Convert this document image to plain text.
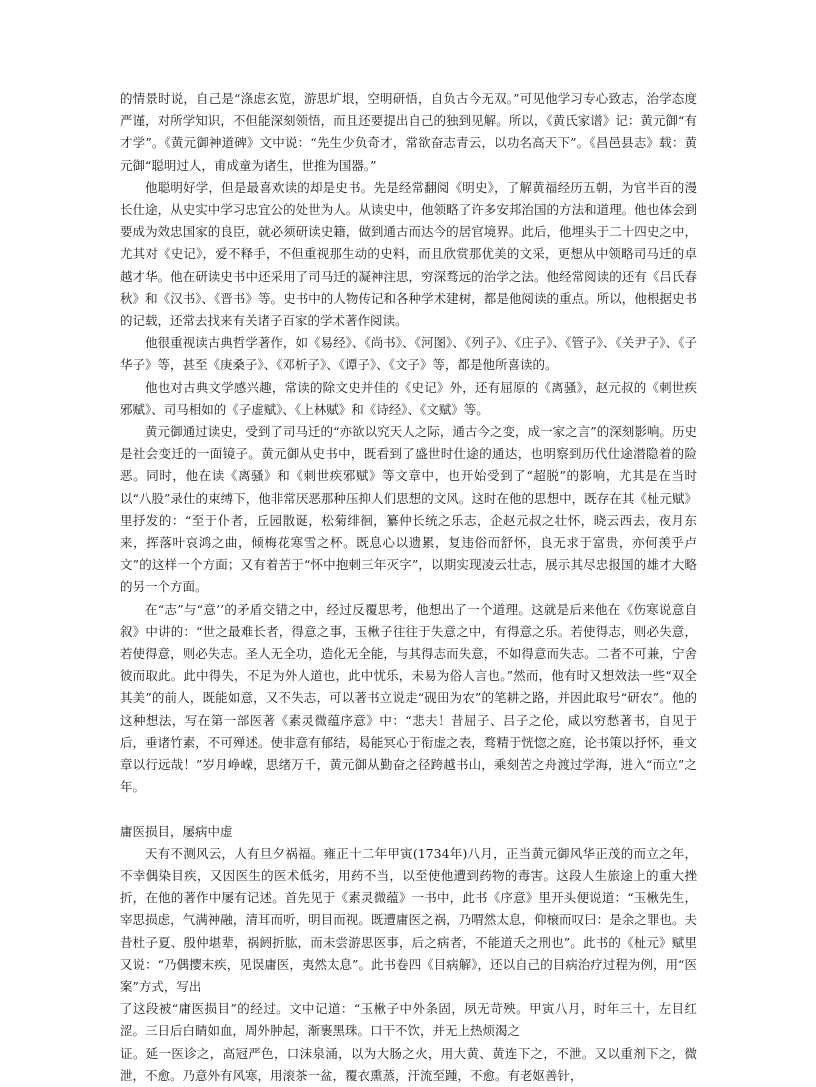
的情景时说，自己是“涤虑玄览，游思圹垠，空明研悟，自负古今无双。”可见他学习专心致志，治学态度严谨，对所学知识，不但能深刻领悟，而且还要提出自己的独到见解。所以，《黄氏家谱》记：黄元御“有才学”。《黄元御神道碑》文中说：“先生少负奇才，常欲奋志青云，以功名高天下”。《昌邑县志》载：黄元御“聪明过人，甫成童为诸生，世推为国器。”

他聪明好学，但是最喜欢读的却是史书。先是经常翻阅《明史》，了解黄福经历五朝，为官半百的漫长仕途，从史实中学习忠宜公的处世为人。从读史中，他领略了许多安邦治国的方法和道理。他也体会到要成为效忠国家的良臣，就必须研读史籍，做到通古而达今的居官境界。此后，他埋头于二十四史之中，尤其对《史记》，爱不释手，不但重视那生动的史料，而且欣赏那优美的文采，更想从中领略司马迁的卓越才华。他在研读史书中还采用了司马迁的凝神注思，穷深骛远的治学之法。他经常阅读的还有《吕氏春秋》和《汉书》、《晋书》等。史书中的人物传记和各种学术建树，都是他阅读的重点。所以，他根据史书的记载，还常去找来有关诸子百家的学术著作阅读。

他很重视读古典哲学著作，如《易经》、《尚书》、《河图》、《列子》、《庄子》、《管子》、《关尹子》、《子华子》等，甚至《庚桑子》、《邓析子》、《谭子》、《文子》等，都是他所喜读的。

他也对古典文学感兴趣，常读的除文史并佳的《史记》外，还有屈原的《离骚》，赵元叔的《刺世疾邪赋》、司马相如的《子虚赋》、《上林赋》和《诗经》、《文赋》等。

黄元御通过读史，受到了司马迁的“亦欲以究天人之际，通古今之变，成一家之言”的深刻影响。历史是社会变迁的一面镜子。黄元御从史书中，既看到了盛世时仕途的通达，也明察到历代仕途潜隐着的险恶。同时，他在读《离骚》和《刺世疾邪赋》等文章中，也开始受到了“超脱”的影响，尤其是在当时以“八股”录仕的束缚下，他非常厌恶那种压抑人们思想的文风。这时在他的思想中，既存在其《杫元赋》里抒发的：“至于仆者，丘园散诞，松菊绯徊，纂仲长统之乐志，企赵元叔之壮怀，晓云西去，夜月东来，挥落叶哀鸿之曲，倾梅花寒雪之杯。既息心以遗累，复违俗而舒怀，良无求于富贵，亦何羡乎卢文”的这样一个方面；又有着苦于“怀中抱刺三年灭字”，以期实现凌云壮志，展示其尽忠报国的雄才大略的另一个方面。

在“志”与“意’’的矛盾交错之中，经过反覆思考，他想出了一个道理。这就是后来他在《伤寒说意自叙》中讲的：“世之最难长者，得意之事，玉楸子往往于失意之中，有得意之乐。若使得志，则必失意，若使得意，则必失志。圣人无全功，造化无全能，与其得志而失意，不如得意而失志。二者不可兼，宁舍彼而取此。此中得失，不足为外人道也，此中忧乐，未易为俗人言也。”然而，他有时又想效法一些“双全其美”的前人，既能如意，又不失志，可以著书立说走“砚田为农”的笔耕之路，并因此取号“研农”。他的这种想法，写在第一部医著《素灵微蕴序意》中：“悲夫！昔屈子、吕子之伦，咸以穷愁著书，自见于后，垂诸竹素，不可殚述。使非意有郁结，曷能冥心于衔虚之表，骛精于恍惚之庭，论书策以抒怀，垂文章以行远哉！”岁月峥嵘，思绪万千，黄元御从勤奋之径跨越书山，乘刻苦之舟渡过学海，进入“而立”之年。

庸医损目，屡病中虚

天有不测风云，人有旦夕祸福。雍正十二年甲寅(1734年)八月，正当黄元御风华正茂的而立之年，不幸偶染目疾，又因医生的医术低劣，用药不当，以至使他遭到药物的毒害。这段人生旅途上的重大挫折，在他的著作中屡有记述。首先见于《素灵微蕴》一书中，此书《序意》里开头便说道：“玉楸先生，宰思损虑，气满神融，清耳而听，明目而视。既遭庸医之祸，乃喟然太息，仰榱而叹曰：是余之罪也。夫昔杜子夏、殷仲堪辈，祸阏折肱，而未尝游思医事，后之病者，不能道夭之刑也”。此书的《杫元》赋里又说：“乃偶撄末疾，见误庸医，夷然太息”。此书卷四《目病解》，还以自己的目病治疗过程为例，用“医案”方式，写出

了这段被“庸医损目”的经过。文中记道：“玉楸子中外条固，夙无苛殃。甲寅八月，时年三十，左目红涩。三日后白睛如血，周外肿起，渐裹黑珠。口干不饮，并无上热烦渴之

证。延一医诊之，高冠严色，口沫泉涌，以为大肠之火，用大黄、黄连下之，不泄。又以重剂下之，微泄，不愈。乃意外有风寒，用滚茶一盆，覆衣熏蒸，汗流至踵，不愈。有老妪善针，
